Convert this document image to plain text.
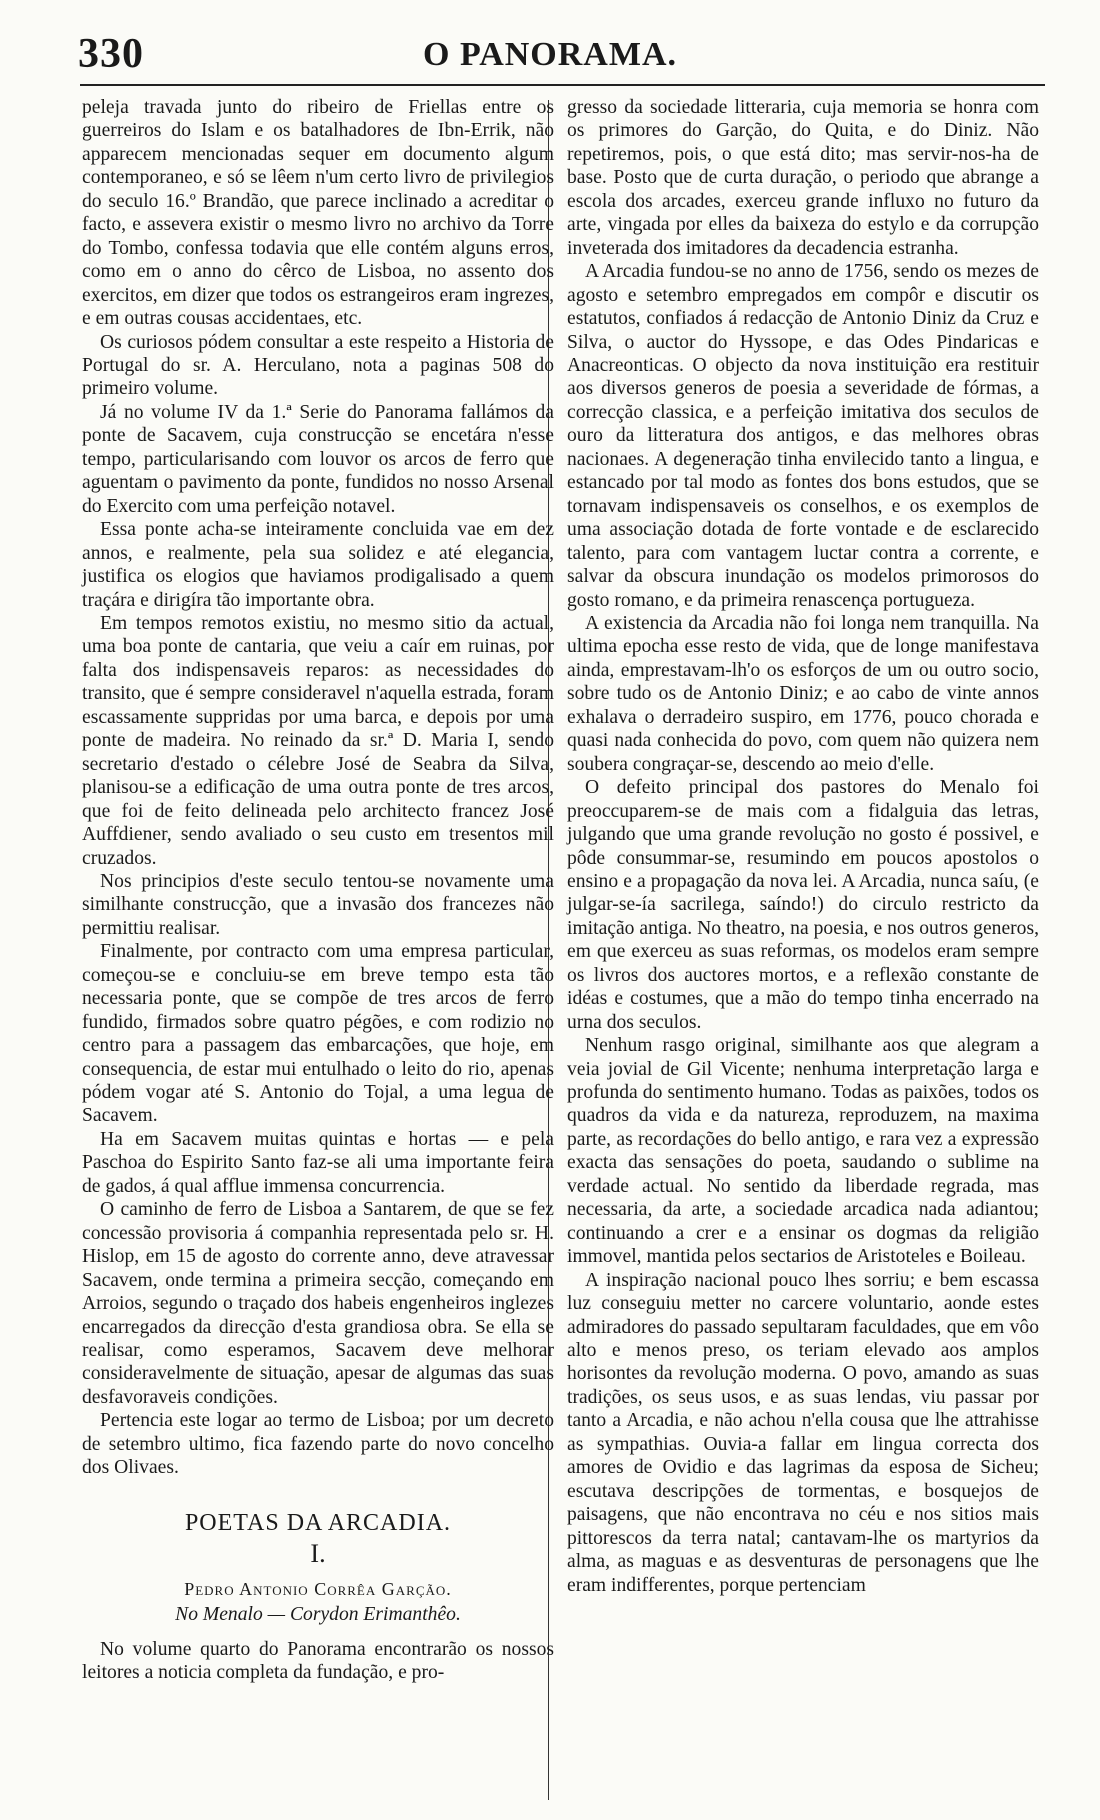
330	O PANORAMA.

peleja travada junto do ribeiro de Friellas entre os guerreiros do Islam e os batalhadores de Ibn-Errik, não apparecem mencionadas sequer em documento algum contemporaneo, e só se lêem n'um certo livro de privilegios do seculo 16.º Brandão, que parece inclinado a acreditar o facto, e assevera existir o mesmo livro no archivo da Torre do Tombo, confessa todavia que elle contém alguns erros, como em o anno do cêrco de Lisboa, no assento dos exercitos, em dizer que todos os estrangeiros eram ingrezes, e em outras cousas accidentaes, etc.

Os curiosos pódem consultar a este respeito a Historia de Portugal do sr. A. Herculano, nota a paginas 508 do primeiro volume.

Já no volume IV da 1.ª Serie do Panorama fallámos da ponte de Sacavem, cuja construcção se encetára n'esse tempo, particularisando com louvor os arcos de ferro que aguentam o pavimento da ponte, fundidos no nosso Arsenal do Exercito com uma perfeição notavel.

Essa ponte acha-se inteiramente concluida vae em dez annos, e realmente, pela sua solidez e até elegancia, justifica os elogios que haviamos prodigalisado a quem traçára e dirigíra tão importante obra.

Em tempos remotos existiu, no mesmo sitio da actual, uma boa ponte de cantaria, que veiu a caír em ruinas, por falta dos indispensaveis reparos: as necessidades do transito, que é sempre consideravel n'aquella estrada, foram escassamente suppridas por uma barca, e depois por uma ponte de madeira. No reinado da sr.ª D. Maria I, sendo secretario d'estado o célebre José de Seabra da Silva, planisou-se a edificação de uma outra ponte de tres arcos, que foi de feito delineada pelo architecto francez José Auffdiener, sendo avaliado o seu custo em tresentos mil cruzados.

Nos principios d'este seculo tentou-se novamente uma similhante construcção, que a invasão dos francezes não permittiu realisar.

Finalmente, por contracto com uma empresa particular, começou-se e concluiu-se em breve tempo esta tão necessaria ponte, que se compõe de tres arcos de ferro fundido, firmados sobre quatro pégões, e com rodizio no centro para a passagem das embarcações, que hoje, em consequencia, de estar mui entulhado o leito do rio, apenas pódem vogar até S. Antonio do Tojal, a uma legua de Sacavem.

Ha em Sacavem muitas quintas e hortas — e pela Paschoa do Espirito Santo faz-se ali uma importante feira de gados, á qual afflue immensa concurrencia.

O caminho de ferro de Lisboa a Santarem, de que se fez concessão provisoria á companhia representada pelo sr. H. Hislop, em 15 de agosto do corrente anno, deve atravessar Sacavem, onde termina a primeira secção, começando em Arroios, segundo o traçado dos habeis engenheiros inglezes encarregados da direcção d'esta grandiosa obra. Se ella se realisar, como esperamos, Sacavem deve melhorar consideravelmente de situação, apesar de algumas das suas desfavoraveis condições.

Pertencia este logar ao termo de Lisboa; por um decreto de setembro ultimo, fica fazendo parte do novo concelho dos Olivaes.

POETAS DA ARCADIA.
I.
Pedro Antonio Corrêa Garção.
No Menalo — Corydon Erimanthêo.

No volume quarto do Panorama encontrarão os nossos leitores a noticia completa da fundação, e pro-

gresso da sociedade litteraria, cuja memoria se honra com os primores do Garção, do Quita, e do Diniz. Não repetiremos, pois, o que está dito; mas servir-nos-ha de base. Posto que de curta duração, o periodo que abrange a escola dos arcades, exerceu grande influxo no futuro da arte, vingada por elles da baixeza do estylo e da corrupção inveterada dos imitadores da decadencia estranha.

A Arcadia fundou-se no anno de 1756, sendo os mezes de agosto e setembro empregados em compôr e discutir os estatutos, confiados á redacção de Antonio Diniz da Cruz e Silva, o auctor do Hyssope, e das Odes Pindaricas e Anacreonticas. O objecto da nova instituição era restituir aos diversos generos de poesia a severidade de fórmas, a correcção classica, e a perfeição imitativa dos seculos de ouro da litteratura dos antigos, e das melhores obras nacionaes. A degeneração tinha envilecido tanto a lingua, e estancado por tal modo as fontes dos bons estudos, que se tornavam indispensaveis os conselhos, e os exemplos de uma associação dotada de forte vontade e de esclarecido talento, para com vantagem luctar contra a corrente, e salvar da obscura inundação os modelos primorosos do gosto romano, e da primeira renascença portugueza.

A existencia da Arcadia não foi longa nem tranquilla. Na ultima epocha esse resto de vida, que de longe manifestava ainda, emprestavam-lh'o os esforços de um ou outro socio, sobre tudo os de Antonio Diniz; e ao cabo de vinte annos exhalava o derradeiro suspiro, em 1776, pouco chorada e quasi nada conhecida do povo, com quem não quizera nem soubera congraçar-se, descendo ao meio d'elle.

O defeito principal dos pastores do Menalo foi preoccuparem-se de mais com a fidalguia das letras, julgando que uma grande revolução no gosto é possivel, e pôde consummar-se, resumindo em poucos apostolos o ensino e a propagação da nova lei. A Arcadia, nunca saíu, (e julgar-se-ía sacrilega, saíndo!) do circulo restricto da imitação antiga. No theatro, na poesia, e nos outros generos, em que exerceu as suas reformas, os modelos eram sempre os livros dos auctores mortos, e a reflexão constante de idéas e costumes, que a mão do tempo tinha encerrado na urna dos seculos.

Nenhum rasgo original, similhante aos que alegram a veia jovial de Gil Vicente; nenhuma interpretação larga e profunda do sentimento humano. Todas as paixões, todos os quadros da vida e da natureza, reproduzem, na maxima parte, as recordações do bello antigo, e rara vez a expressão exacta das sensações do poeta, saudando o sublime na verdade actual. No sentido da liberdade regrada, mas necessaria, da arte, a sociedade arcadica nada adiantou; continuando a crer e a ensinar os dogmas da religião immovel, mantida pelos sectarios de Aristoteles e Boileau.

A inspiração nacional pouco lhes sorriu; e bem escassa luz conseguiu metter no carcere voluntario, aonde estes admiradores do passado sepultaram faculdades, que em vôo alto e menos preso, os teriam elevado aos amplos horisontes da revolução moderna. O povo, amando as suas tradições, os seus usos, e as suas lendas, viu passar por tanto a Arcadia, e não achou n'ella cousa que lhe attrahisse as sympathias. Ouvia-a fallar em lingua correcta dos amores de Ovidio e das lagrimas da esposa de Sicheu; escutava descripções de tormentas, e bosquejos de paisagens, que não encontrava no céu e nos sitios mais pittorescos da terra natal; cantavam-lhe os martyrios da alma, as maguas e as desventuras de personagens que lhe eram indifferentes, porque pertenciam
